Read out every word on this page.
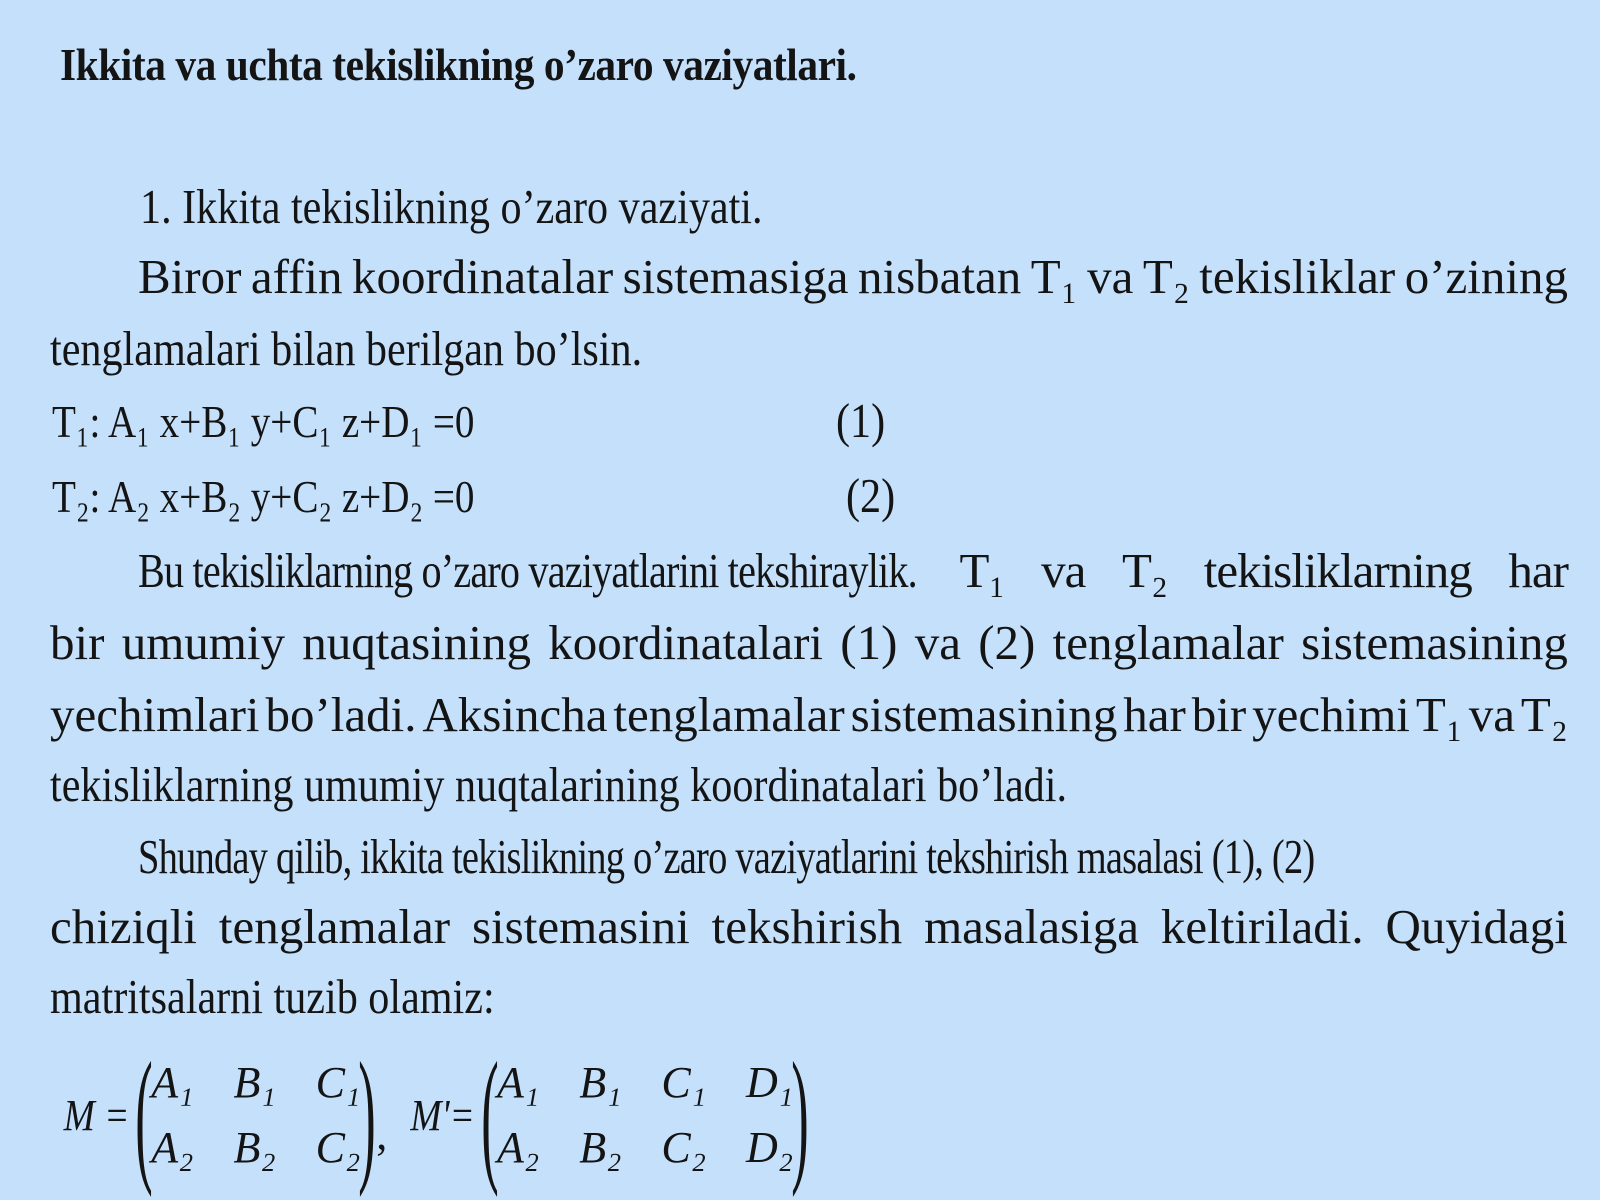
Ikkita va uchta tekislikning o’zaro vaziyatlari.
1. Ikkita tekislikning o’zaro vaziyati.
Biror affin koordinatalar sistemasiga nisbatan T₁ va T₂ tekisliklar o’zining
tenglamalari bilan berilgan bo’lsin.
T₁: A₁ x+B₁ y+C₁ z+D₁ =0	(1)
T₂: A₂ x+B₂ y+C₂ z+D₂ =0	(2)
Bu tekisliklarning o’zaro vaziyatlarini tekshiraylik. T₁ va T₂ tekisliklarning har
bir umumiy nuqtasining koordinatalari (1) va (2) tenglamalar sistemasining
yechimlari bo’ladi. Aksincha tenglamalar sistemasining har bir yechimi T₁ va T₂
tekisliklarning umumiy nuqtalarining koordinatalari bo’ladi.
Shunday qilib, ikkita tekislikning o’zaro vaziyatlarini tekshirish masalasi (1), (2)
chiziqli tenglamalar sistemasini tekshirish masalasiga keltiriladi. Quyidagi
matritsalarni tuzib olamiz:
M = (
A₁ B₁ C₁
A₂ B₂ C₂
) , M'= (
A₁ B₁ C₁ D₁
A₂ B₂ C₂ D₂
)
